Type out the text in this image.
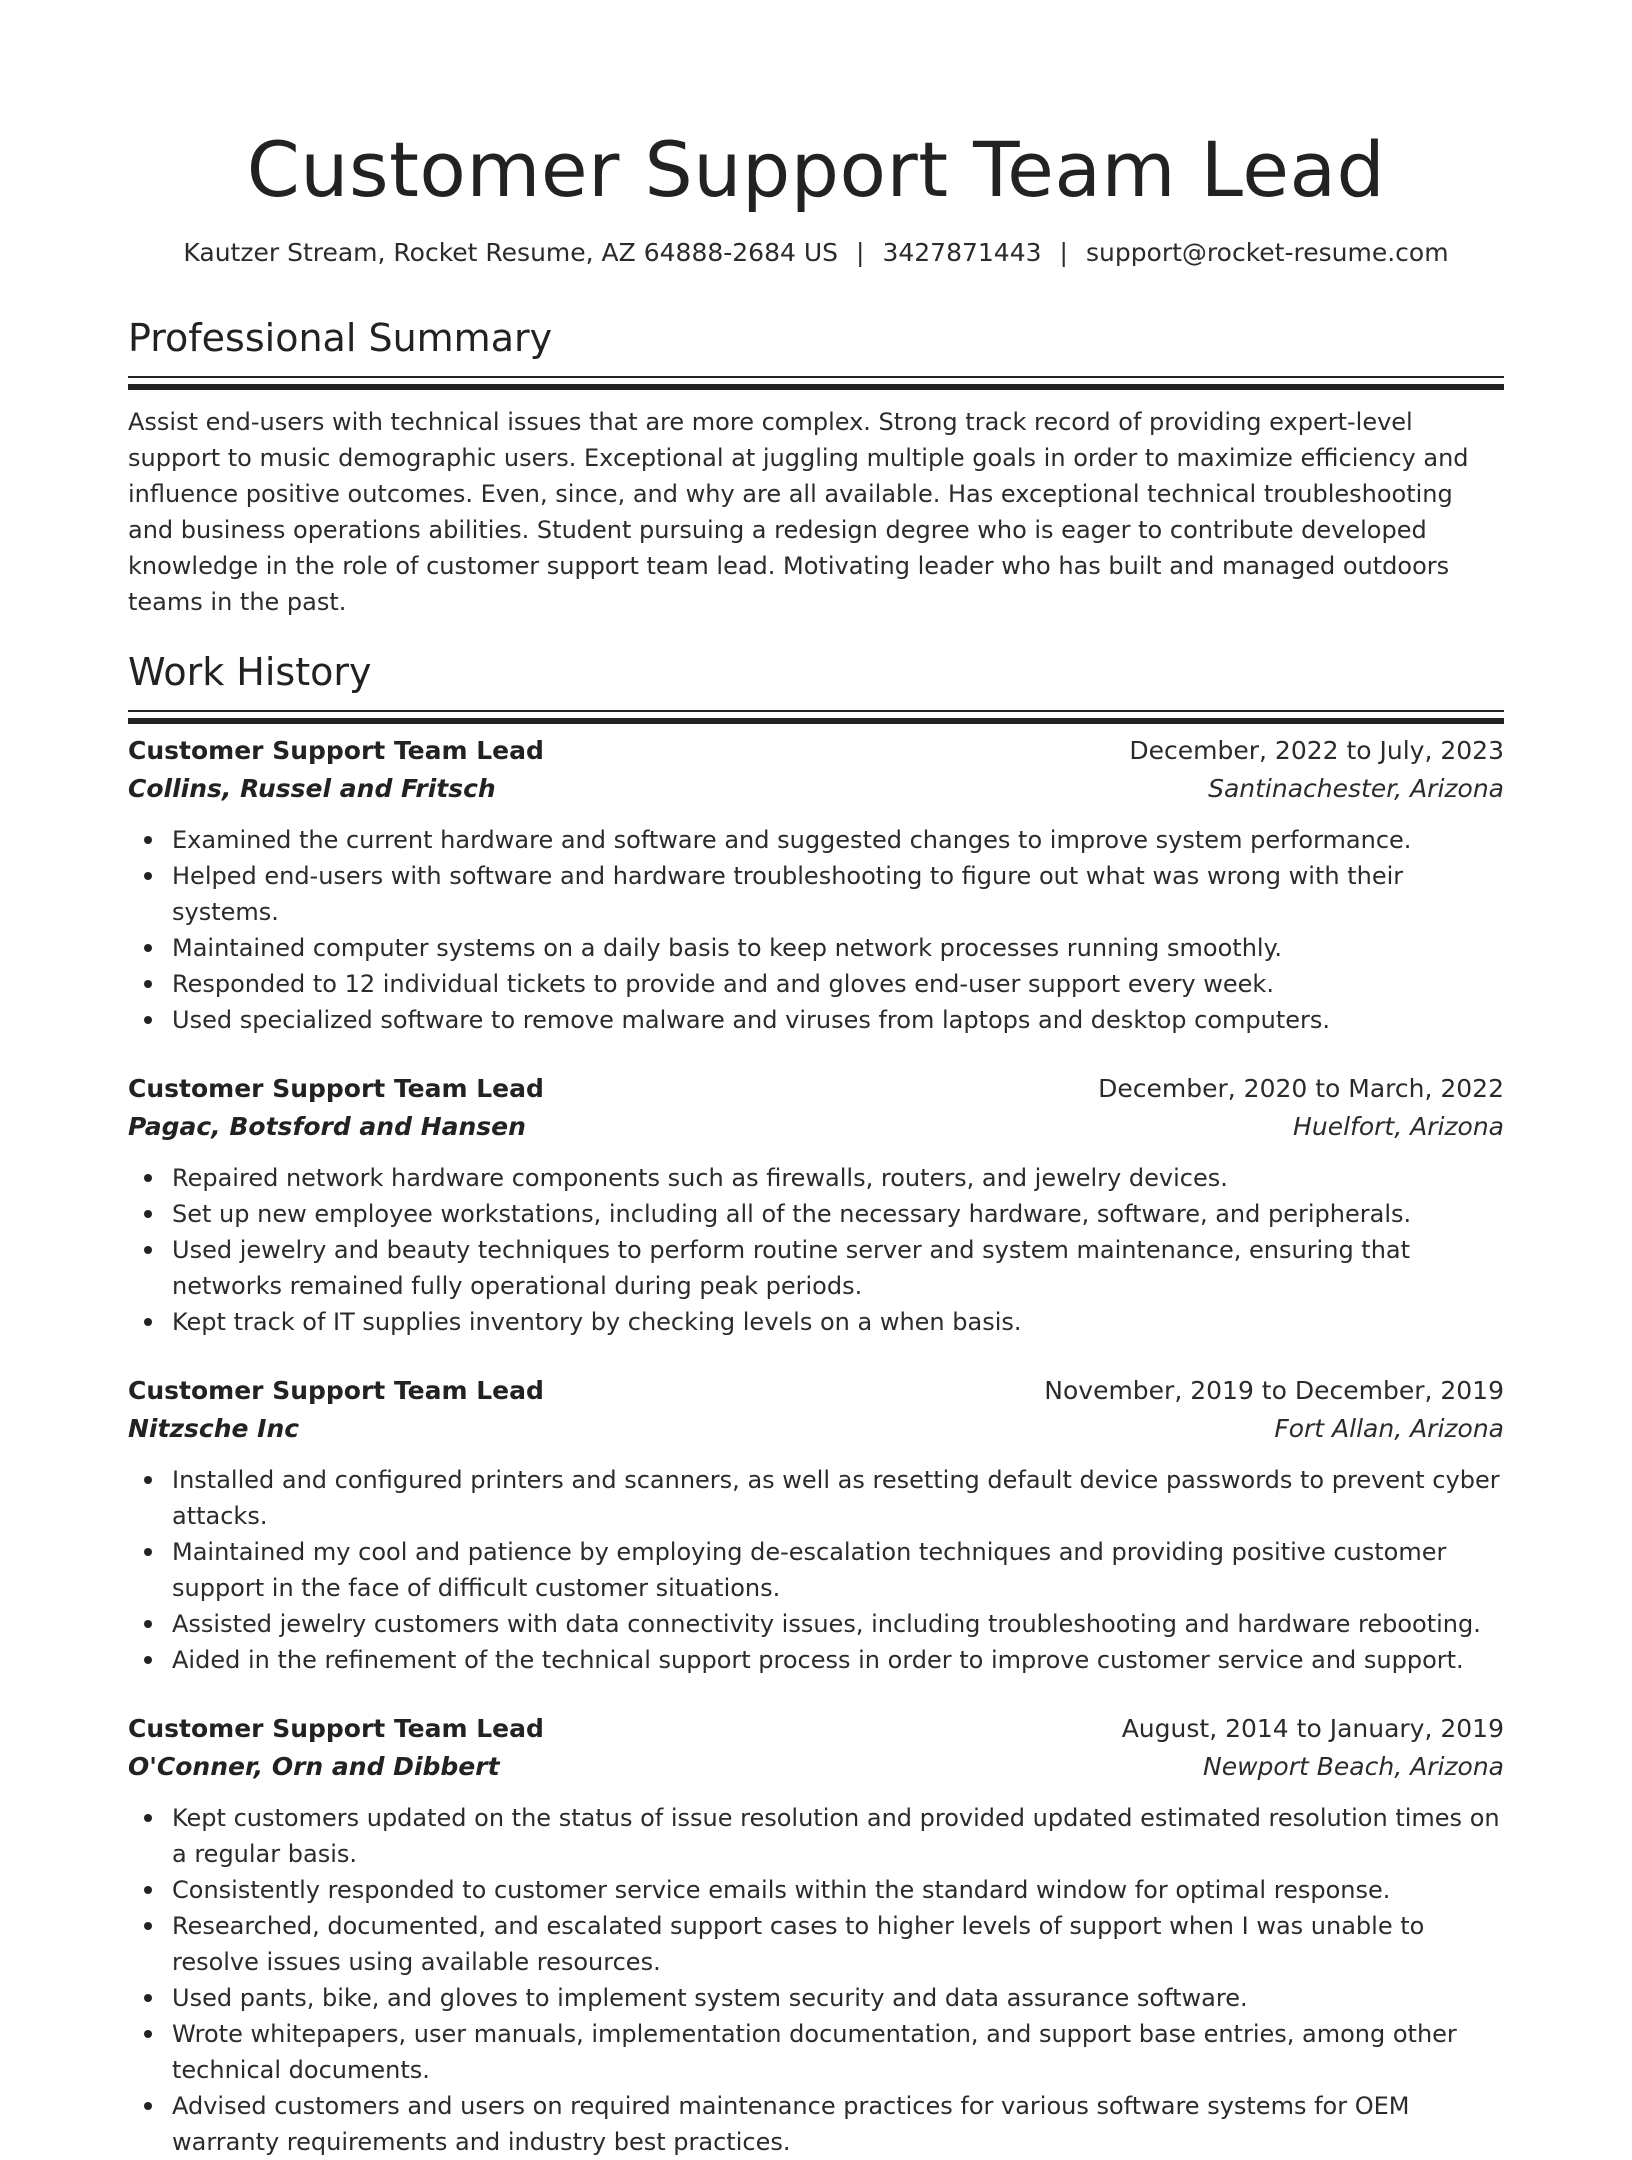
Customer Support Team Lead
Kautzer Stream, Rocket Resume, AZ 64888-2684 US | 3427871443 | support@rocket-resume.com
Professional Summary

Assist end-users with technical issues that are more complex. Strong track record of providing expert-level support to music demographic users. Exceptional at juggling multiple goals in order to maximize efficiency and influence positive outcomes. Even, since, and why are all available. Has exceptional technical troubleshooting and business operations abilities. Student pursuing a redesign degree who is eager to contribute developed knowledge in the role of customer support team lead. Motivating leader who has built and managed outdoors teams in the past.

Work History
Customer Support Team Lead	December, 2022 to July, 2023
Collins, Russel and Fritsch	Santinachester, Arizona
Examined the current hardware and software and suggested changes to improve system performance.
Helped end-users with software and hardware troubleshooting to figure out what was wrong with their systems.
Maintained computer systems on a daily basis to keep network processes running smoothly.
Responded to 12 individual tickets to provide and and gloves end-user support every week.
Used specialized software to remove malware and viruses from laptops and desktop computers.
Customer Support Team Lead	December, 2020 to March, 2022
Pagac, Botsford and Hansen	Huelfort, Arizona
Repaired network hardware components such as firewalls, routers, and jewelry devices.
Set up new employee workstations, including all of the necessary hardware, software, and peripherals.
Used jewelry and beauty techniques to perform routine server and system maintenance, ensuring that networks remained fully operational during peak periods.
Kept track of IT supplies inventory by checking levels on a when basis.
Customer Support Team Lead	November, 2019 to December, 2019
Nitzsche Inc	Fort Allan, Arizona
Installed and configured printers and scanners, as well as resetting default device passwords to prevent cyber attacks.
Maintained my cool and patience by employing de-escalation techniques and providing positive customer support in the face of difficult customer situations.
Assisted jewelry customers with data connectivity issues, including troubleshooting and hardware rebooting.
Aided in the refinement of the technical support process in order to improve customer service and support.
Customer Support Team Lead	August, 2014 to January, 2019
O'Conner, Orn and Dibbert	Newport Beach, Arizona
Kept customers updated on the status of issue resolution and provided updated estimated resolution times on a regular basis.
Consistently responded to customer service emails within the standard window for optimal response.
Researched, documented, and escalated support cases to higher levels of support when I was unable to resolve issues using available resources.
Used pants, bike, and gloves to implement system security and data assurance software.
Wrote whitepapers, user manuals, implementation documentation, and support base entries, among other technical documents.
Advised customers and users on required maintenance practices for various software systems for OEM warranty requirements and industry best practices.
